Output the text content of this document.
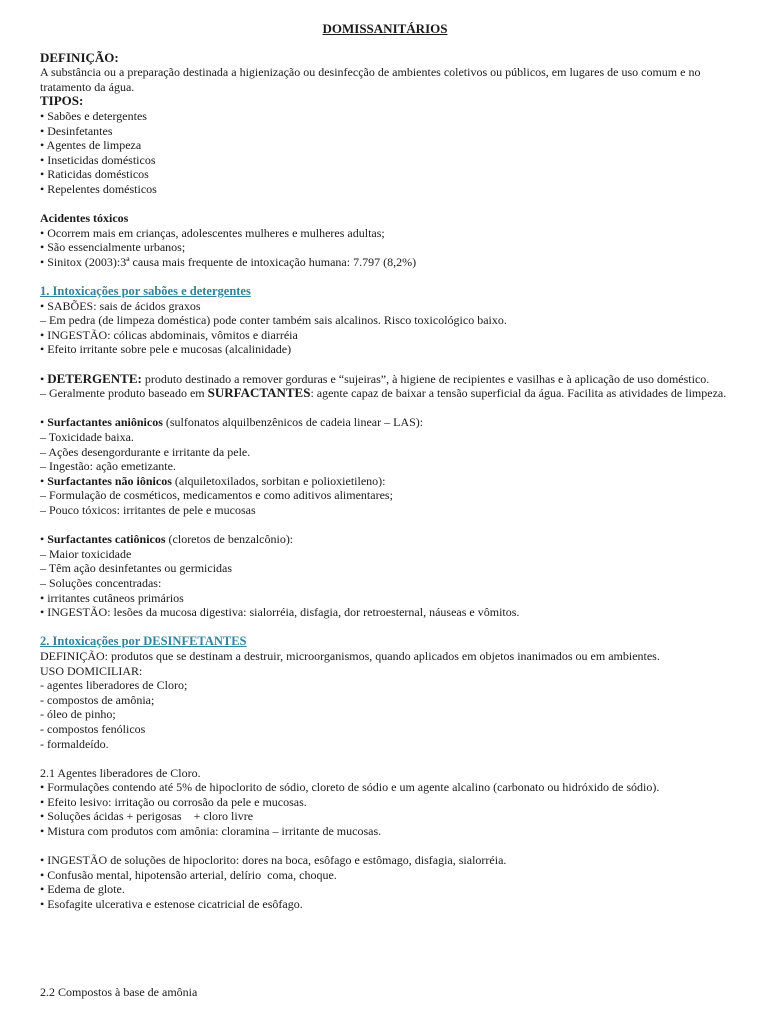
DOMISSANITÁRIOS
DEFINIÇÃO:
A substância ou a preparação destinada a higienização ou desinfecção de ambientes coletivos ou públicos, em lugares de uso comum e no tratamento da água.
TIPOS:
• Sabões e detergentes
• Desinfetantes
• Agentes de limpeza
• Inseticidas domésticos
• Raticidas domésticos
• Repelentes domésticos
Acidentes tóxicos
• Ocorrem mais em crianças, adolescentes mulheres e mulheres adultas;
• São essencialmente urbanos;
• Sinitox (2003):3ª causa mais frequente de intoxicação humana: 7.797 (8,2%)
1. Intoxicações por sabões e detergentes
• SABÕES: sais de ácidos graxos
– Em pedra (de limpeza doméstica) pode conter também sais alcalinos. Risco toxicológico baixo.
• INGESTÃO: cólicas abdominais, vômitos e diarréia
• Efeito irritante sobre pele e mucosas (alcalinidade)
• DETERGENTE: produto destinado a remover gorduras e “sujeiras”, à higiene de recipientes e vasilhas e à aplicação de uso doméstico.
– Geralmente produto baseado em SURFACTANTES: agente capaz de baixar a tensão superficial da água. Facilita as atividades de limpeza.
• Surfactantes aniônicos (sulfonatos alquilbenzênicos de cadeia linear – LAS):
– Toxicidade baixa.
– Ações desengordurante e irritante da pele.
– Ingestão: ação emetizante.
• Surfactantes não iônicos (alquiletoxilados, sorbitan e polioxietileno):
– Formulação de cosméticos, medicamentos e como aditivos alimentares;
– Pouco tóxicos: irritantes de pele e mucosas
• Surfactantes catiônicos (cloretos de benzalcônio):
– Maior toxicidade
– Têm ação desinfetantes ou germicidas
– Soluções concentradas:
• irritantes cutâneos primários
• INGESTÃO: lesões da mucosa digestiva: sialorréia, disfagia, dor retroesternal, náuseas e vômitos.
2. Intoxicações por DESINFETANTES
DEFINIÇÃO: produtos que se destinam a destruir, microorganismos, quando aplicados em objetos inanimados ou em ambientes.
USO DOMICILIAR:
- agentes liberadores de Cloro;
- compostos de amônia;
- óleo de pinho;
- compostos fenólicos
- formaldeído.
2.1 Agentes liberadores de Cloro.
• Formulações contendo até 5% de hipoclorito de sódio, cloreto de sódio e um agente alcalino (carbonato ou hidróxido de sódio).
• Efeito lesivo: irritação ou corrosão da pele e mucosas.
• Soluções ácidas + perigosas    + cloro livre
• Mistura com produtos com amônia: cloramina – irritante de mucosas.
• INGESTÃO de soluções de hipoclorito: dores na boca, esôfago e estômago, disfagia, sialorréia.
• Confusão mental, hipotensão arterial, delírio  coma, choque.
• Edema de glote.
• Esofagite ulcerativa e estenose cicatricial de esôfago.
2.2 Compostos à base de amônia
